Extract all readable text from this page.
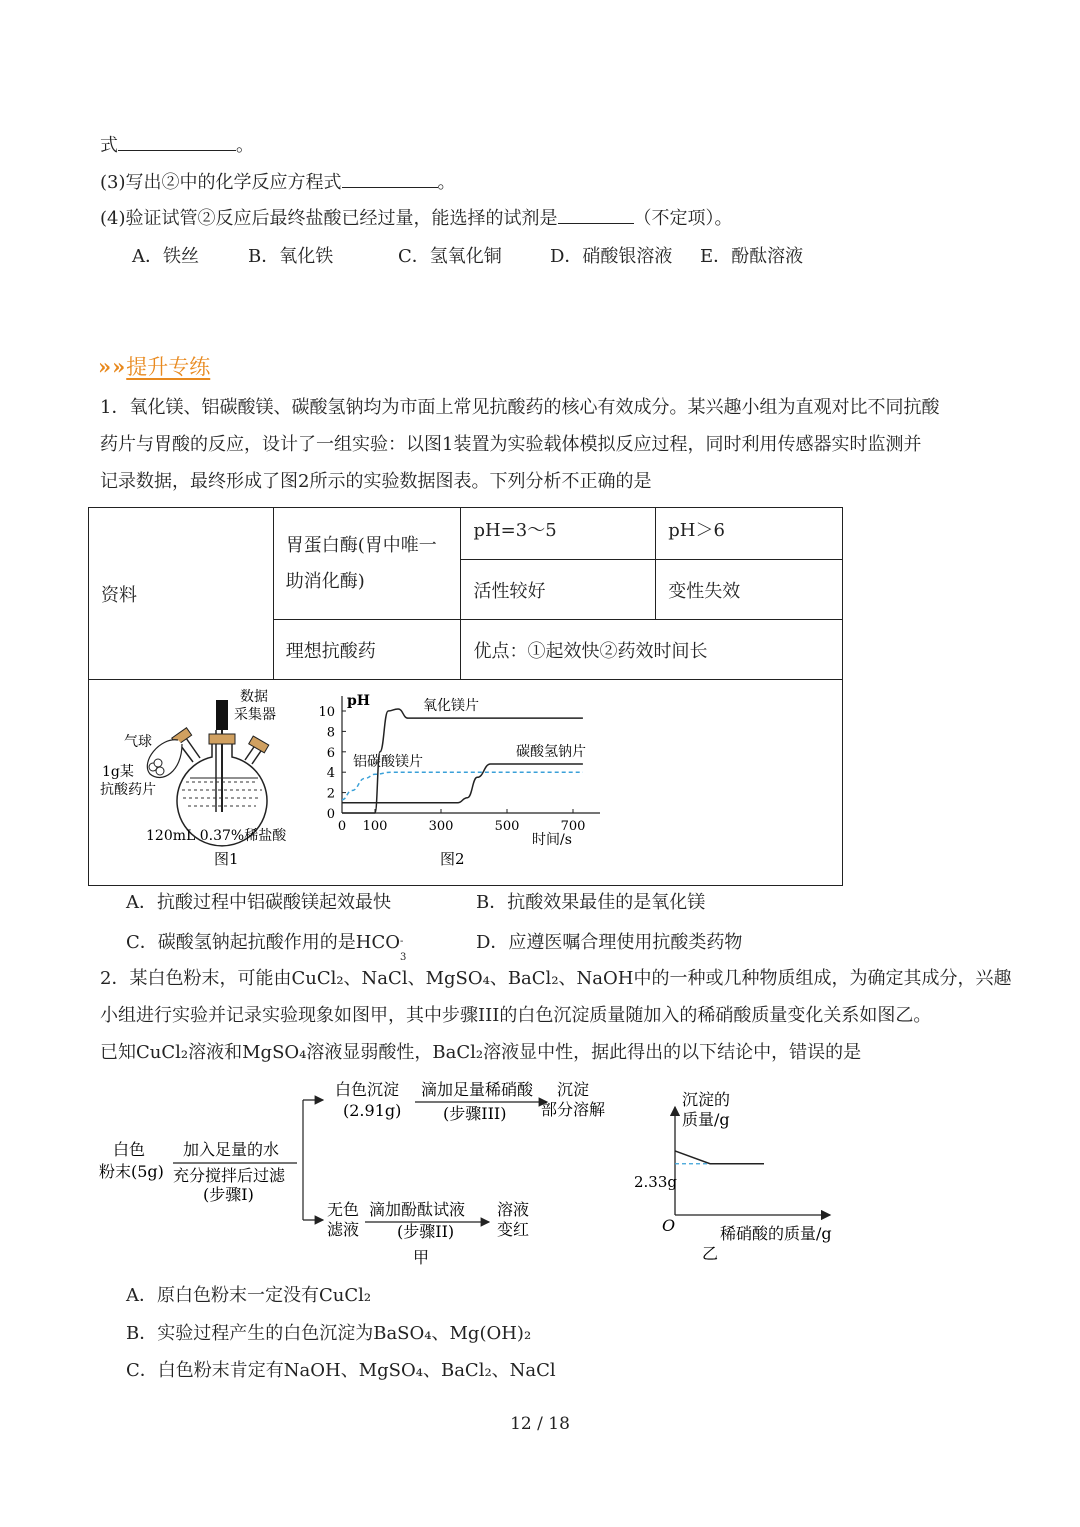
式	。
(3)写出②中的化学反应方程式	。
(4)验证试管②反应后最终盐酸已经过量，能选择的试剂是	（不定项）。
A．铁丝	B．氧化铁	C．氢氧化铜	D．硝酸银溶液 E．酚酞溶液
» » 提升专练
1．氧化镁、铝碳酸镁、碳酸氢钠均为市面上常见抗酸药的核心有效成分。某兴趣小组为直观对比不同抗酸
药片与胃酸的反应，设计了一组实验：以图1装置为实验载体模拟反应过程，同时利用传感器实时监测并
记录数据，最终形成了图2所示的实验数据图表。下列分析不正确的是
资料	胃蛋白酶(胃中唯一
助消化酶)	pH=3～5	pH＞6
		活性较好	变性失效
	理想抗酸药	优点：①起效快②药效时间长	

数据
采集器
气球
1g某
抗酸药片
120mL 0.37%稀盐酸
图1
pH
时间/s
图2
氧化镁片
铝碳酸镁片
碳酸氢钠片
0 100	300	500	700
0
2
4
6
8
10
A．抗酸过程中铝碳酸镁起效最快	B．抗酸效果最佳的是氧化镁
C．碳酸氢钠起抗酸作用的是HCO -
3
D．应遵医嘱合理使用抗酸类药物
2．某白色粉末，可能由CuCl₂、NaCl、MgSO₄、BaCl₂、NaOH中的一种或几种物质组成，为确定其成分，兴趣
小组进行实验并记录实验现象如图甲，其中步骤III的白色沉淀质量随加入的稀硝酸质量变化关系如图乙。
已知CuCl₂溶液和MgSO₄溶液显弱酸性，BaCl₂溶液显中性，据此得出的以下结论中，错误的是
白色
粉末(5g)
加入足量的水
充分搅拌后过滤
(步骤I)
白色沉淀
(2.91g)
滴加足量稀硝酸
(步骤III)
沉淀
部分溶解
无色
滤液
滴加酚酞试液
(步骤II)
溶液
变红
甲
沉淀的
质量/g
稀硝酸的质量/g
O
2.33g
乙
A．原白色粉末一定没有CuCl₂
B．实验过程产生的白色沉淀为BaSO₄、Mg(OH)₂
C．白色粉末肯定有NaOH、MgSO₄、BaCl₂、NaCl
12 / 18
